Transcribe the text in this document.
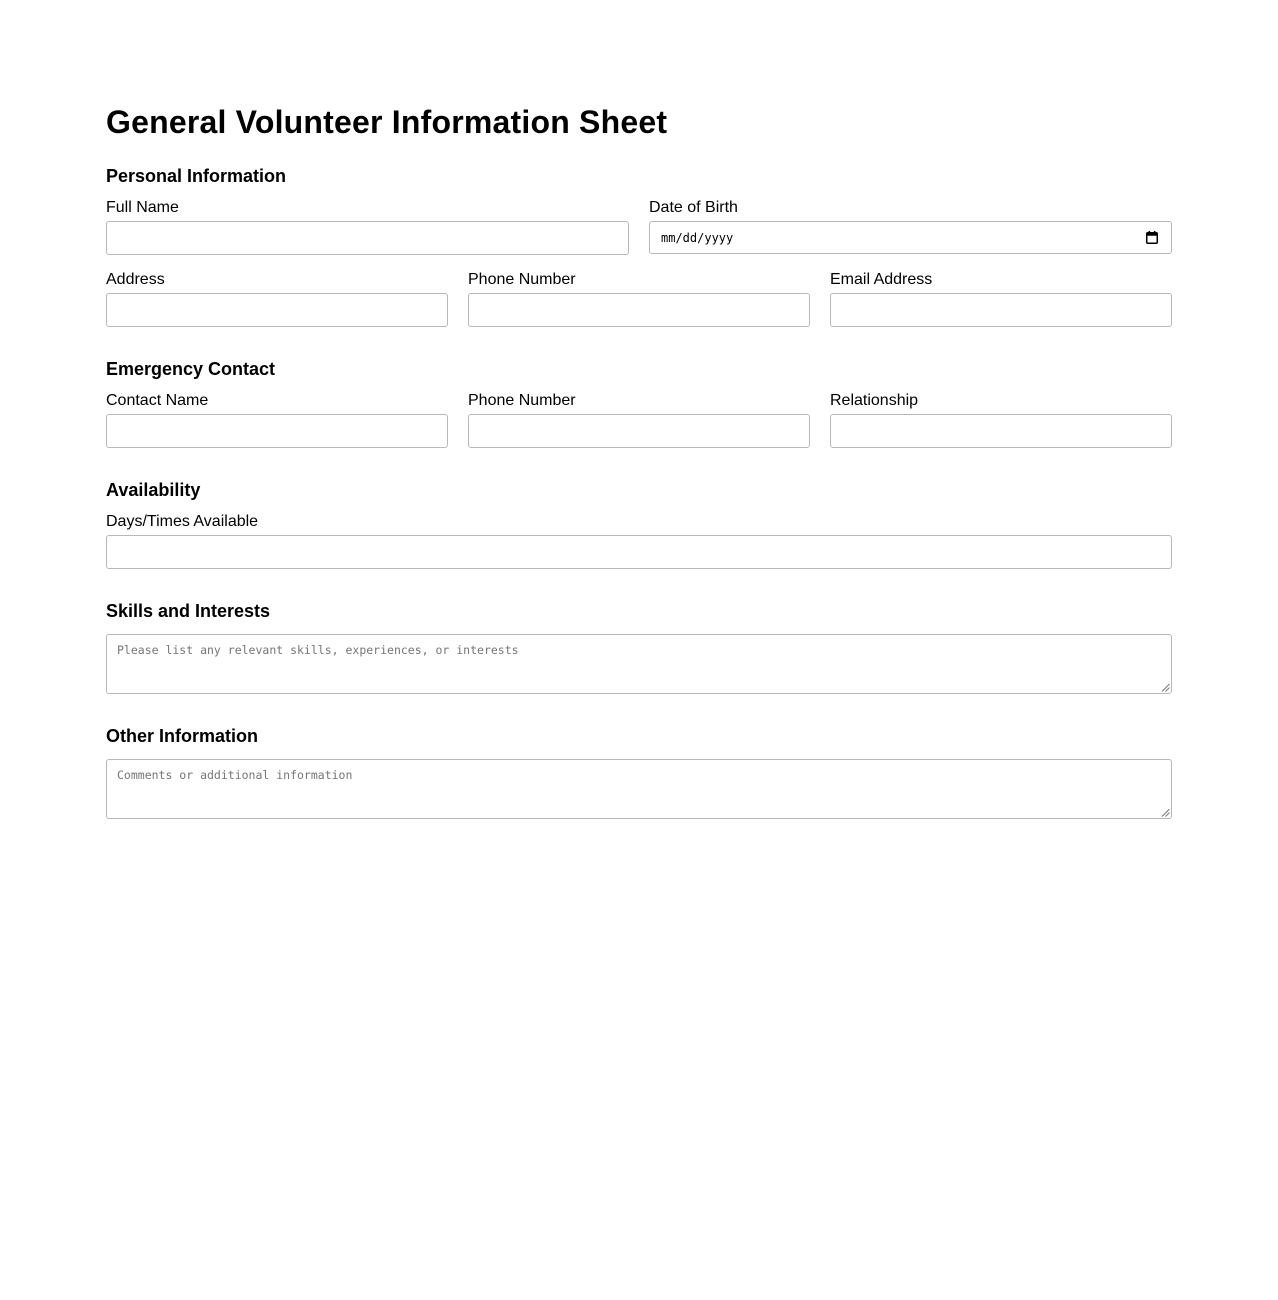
General Volunteer Information Sheet
Personal Information
Full Name	Date of Birth
mm/dd/yyyy
Address	Phone Number	Email Address
Emergency Contact
Contact Name	Phone Number	Relationship
Availability
Days/Times Available
Skills and Interests
Please list any relevant skills, experiences, or interests
Other Information
Comments or additional information
